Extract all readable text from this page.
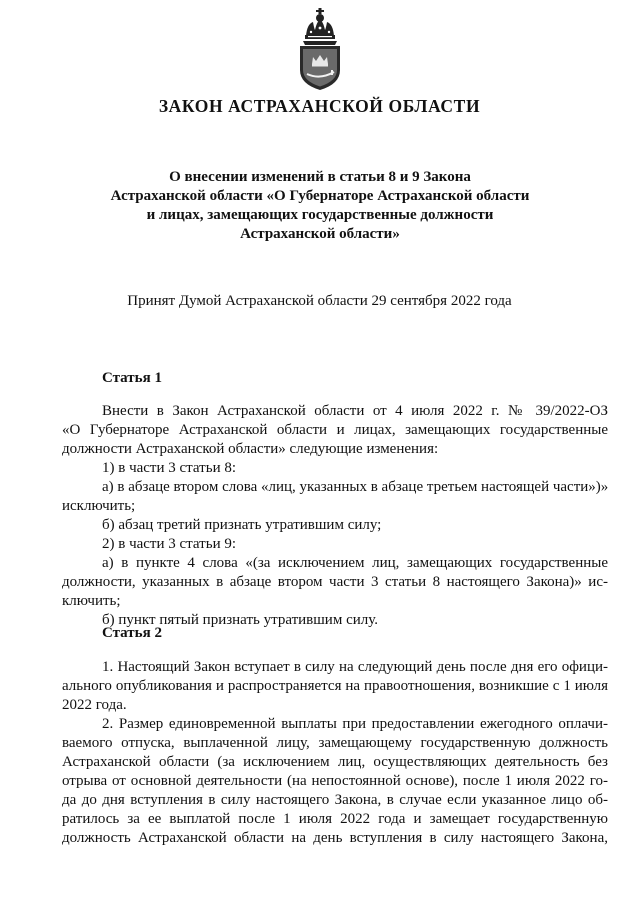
ЗАКОН АСТРАХАНСКОЙ ОБЛАСТИ

О внесении изменений в статьи 8 и 9 Закона
Астраханской области «О Губернаторе Астраханской области
и лицах, замещающих государственные должности
Астраханской области»

Принят Думой Астраханской области 29 сентября 2022 года
Статья 1
Внести в Закон Астраханской области от 4 июля 2022 г. № 39/2022-ОЗ
«О Губернаторе Астраханской области и лицах, замещающих государственные
должности Астраханской области» следующие изменения:
1) в части 3 статьи 8:
а) в абзаце втором слова «лиц, указанных в абзаце третьем настоящей части»)»
исключить;
б) абзац третий признать утратившим силу;
2) в части 3 статьи 9:
а) в пункте 4 слова «(за исключением лиц, замещающих государственные
должности, указанных в абзаце втором части 3 статьи 8 настоящего Закона)» ис-
ключить;
б) пункт пятый признать утратившим силу.
Статья 2
1. Настоящий Закон вступает в силу на следующий день после дня его офици-
ального опубликования и распространяется на правоотношения, возникшие с 1 июля
2022 года.
2. Размер единовременной выплаты при предоставлении ежегодного оплачи-
ваемого отпуска, выплаченной лицу, замещающему государственную должность
Астраханской области (за исключением лиц, осуществляющих деятельность без
отрыва от основной деятельности (на непостоянной основе), после 1 июля 2022 го-
да до дня вступления в силу настоящего Закона, в случае если указанное лицо об-
ратилось за ее выплатой после 1 июля 2022 года и замещает государственную
должность Астраханской области на день вступления в силу настоящего Закона,
